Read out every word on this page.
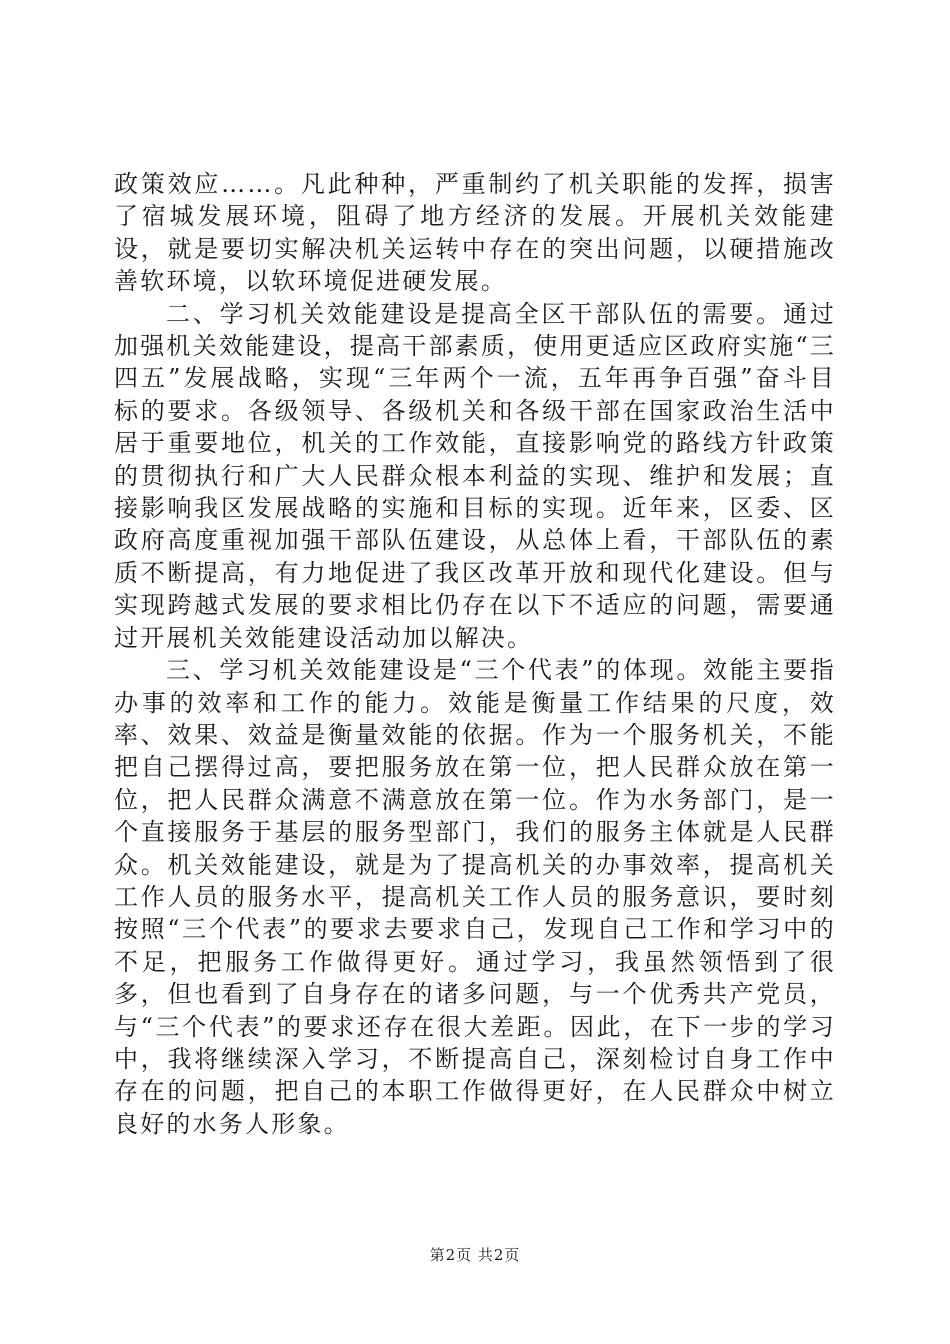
政策效应……。凡此种种，严重制约了机关职能的发挥，损害了宿城发展环境，阻碍了地方经济的发展。开展机关效能建设，就是要切实解决机关运转中存在的突出问题，以硬措施改善软环境，以软环境促进硬发展。

二、学习机关效能建设是提高全区干部队伍的需要。通过加强机关效能建设，提高干部素质，使用更适应区政府实施“三四五”发展战略，实现“三年两个一流，五年再争百强”奋斗目标的要求。各级领导、各级机关和各级干部在国家政治生活中居于重要地位，机关的工作效能，直接影响党的路线方针政策的贯彻执行和广大人民群众根本利益的实现、维护和发展；直接影响我区发展战略的实施和目标的实现。近年来，区委、区政府高度重视加强干部队伍建设，从总体上看，干部队伍的素质不断提高，有力地促进了我区改革开放和现代化建设。但与实现跨越式发展的要求相比仍存在以下不适应的问题，需要通过开展机关效能建设活动加以解决。

三、学习机关效能建设是“三个代表”的体现。效能主要指办事的效率和工作的能力。效能是衡量工作结果的尺度，效率、效果、效益是衡量效能的依据。作为一个服务机关，不能把自己摆得过高，要把服务放在第一位，把人民群众放在第一位，把人民群众满意不满意放在第一位。作为水务部门，是一个直接服务于基层的服务型部门，我们的服务主体就是人民群众。机关效能建设，就是为了提高机关的办事效率，提高机关工作人员的服务水平，提高机关工作人员的服务意识，要时刻按照“三个代表”的要求去要求自己，发现自己工作和学习中的不足，把服务工作做得更好。通过学习，我虽然领悟到了很多，但也看到了自身存在的诸多问题，与一个优秀共产党员，与“三个代表”的要求还存在很大差距。因此，在下一步的学习中，我将继续深入学习，不断提高自己，深刻检讨自身工作中存在的问题，把自己的本职工作做得更好，在人民群众中树立良好的水务人形象。

第2页 共2页
